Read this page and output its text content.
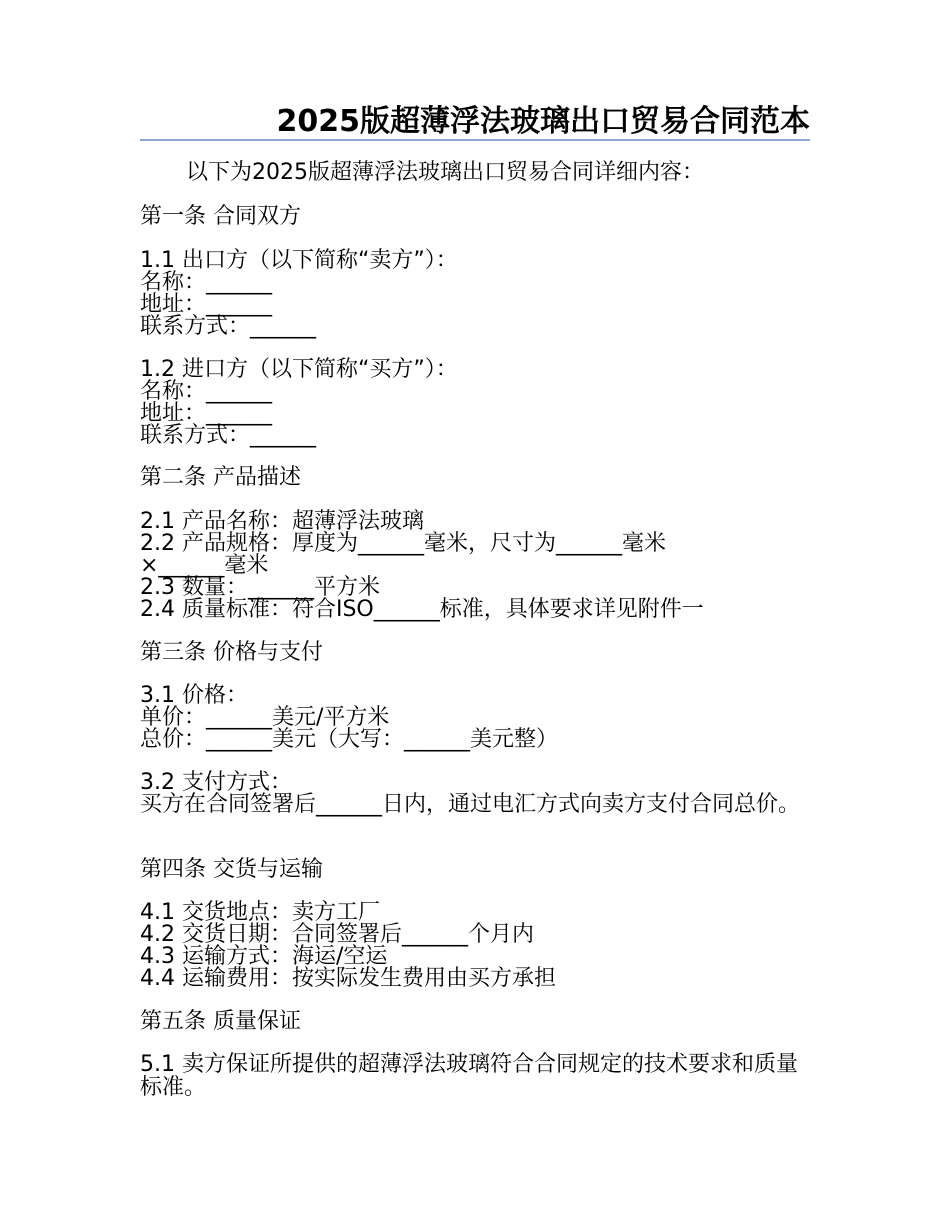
2025版超薄浮法玻璃出口贸易合同范本
以下为2025版超薄浮法玻璃出口贸易合同详细内容：
第一条 合同双方
1.1 出口方（以下简称“卖方”）：
名称：______
地址：______
联系方式：______
1.2 进口方（以下简称“买方”）：
名称：______
地址：______
联系方式：______
第二条 产品描述
2.1 产品名称：超薄浮法玻璃
2.2 产品规格：厚度为______毫米，尺寸为______毫米
×______毫米
2.3 数量：______平方米
2.4 质量标准：符合ISO______标准，具体要求详见附件一
第三条 价格与支付
3.1 价格：
单价：______美元/平方米
总价：______美元（大写：______美元整）
3.2 支付方式：
买方在合同签署后______日内，通过电汇方式向卖方支付合同总价。
第四条 交货与运输
4.1 交货地点：卖方工厂
4.2 交货日期：合同签署后______个月内
4.3 运输方式：海运/空运
4.4 运输费用：按实际发生费用由买方承担
第五条 质量保证
5.1 卖方保证所提供的超薄浮法玻璃符合合同规定的技术要求和质量标准。
